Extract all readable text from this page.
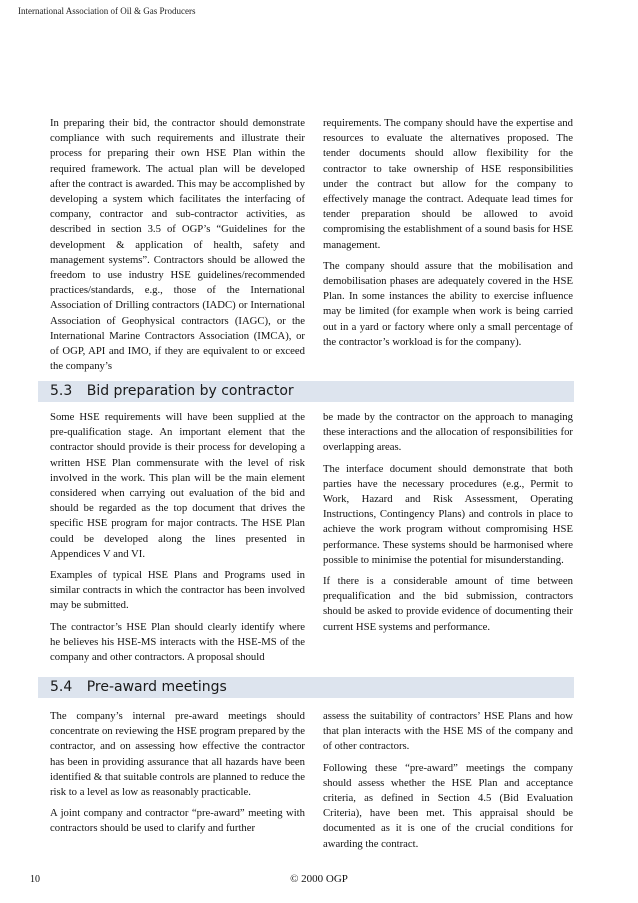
International Association of Oil & Gas Producers

In preparing their bid, the contractor should demonstrate compliance with such requirements and illustrate their process for preparing their own HSE Plan within the required framework. The actual plan will be developed after the contract is awarded. This may be accomplished by developing a system which facilitates the interfacing of company, contractor and sub-contractor activities, as described in section 3.5 of OGP’s “Guidelines for the development & application of health, safety and management systems”. Contractors should be allowed the freedom to use industry HSE guidelines/recommended practices/standards, e.g., those of the International Association of Drilling contractors (IADC) or International Association of Geophysical contractors (IAGC), or the International Marine Contractors Association (IMCA), or of OGP, API and IMO, if they are equivalent to or exceed the company’s

requirements. The company should have the expertise and resources to evaluate the alternatives proposed. The tender documents should allow flexibility for the contractor to take ownership of HSE responsibilities under the contract but allow for the company to effectively manage the contract. Adequate lead times for tender preparation should be allowed to avoid compromising the establishment of a sound basis for HSE management.

The company should assure that the mobilisation and demobilisation phases are adequately covered in the HSE Plan. In some instances the ability to exercise influence may be limited (for example when work is being carried out in a yard or factory where only a small percentage of the contractor’s workload is for the company).

5.3 Bid preparation by contractor

Some HSE requirements will have been supplied at the pre-qualification stage. An important element that the contractor should provide is their process for developing a written HSE Plan commensurate with the level of risk involved in the work. This plan will be the main element considered when carrying out evaluation of the bid and should be regarded as the top document that drives the specific HSE program for major contracts. The HSE Plan could be developed along the lines presented in Appendices V and VI.

Examples of typical HSE Plans and Programs used in similar contracts in which the contractor has been involved may be submitted.

The contractor’s HSE Plan should clearly identify where he believes his HSE-MS interacts with the HSE-MS of the company and other contractors. A proposal should

be made by the contractor on the approach to managing these interactions and the allocation of responsibilities for overlapping areas.

The interface document should demonstrate that both parties have the necessary procedures (e.g., Permit to Work, Hazard and Risk Assessment, Operating Instructions, Contingency Plans) and controls in place to achieve the work program without compromising HSE performance. These systems should be harmonised where possible to minimise the potential for misunderstanding.

If there is a considerable amount of time between prequalification and the bid submission, contractors should be asked to provide evidence of documenting their current HSE systems and performance.

5.4 Pre-award meetings

The company’s internal pre-award meetings should concentrate on reviewing the HSE program prepared by the contractor, and on assessing how effective the contractor has been in providing assurance that all hazards have been identified & that suitable controls are planned to reduce the risk to a level as low as reasonably practicable.

A joint company and contractor “pre-award” meeting with contractors should be used to clarify and further

assess the suitability of contractors’ HSE Plans and how that plan interacts with the HSE MS of the company and of other contractors.

Following these “pre-award” meetings the company should assess whether the HSE Plan and acceptance criteria, as defined in Section 4.5 (Bid Evaluation Criteria), have been met. This appraisal should be documented as it is one of the crucial conditions for awarding the contract.

10	© 2000 OGP
